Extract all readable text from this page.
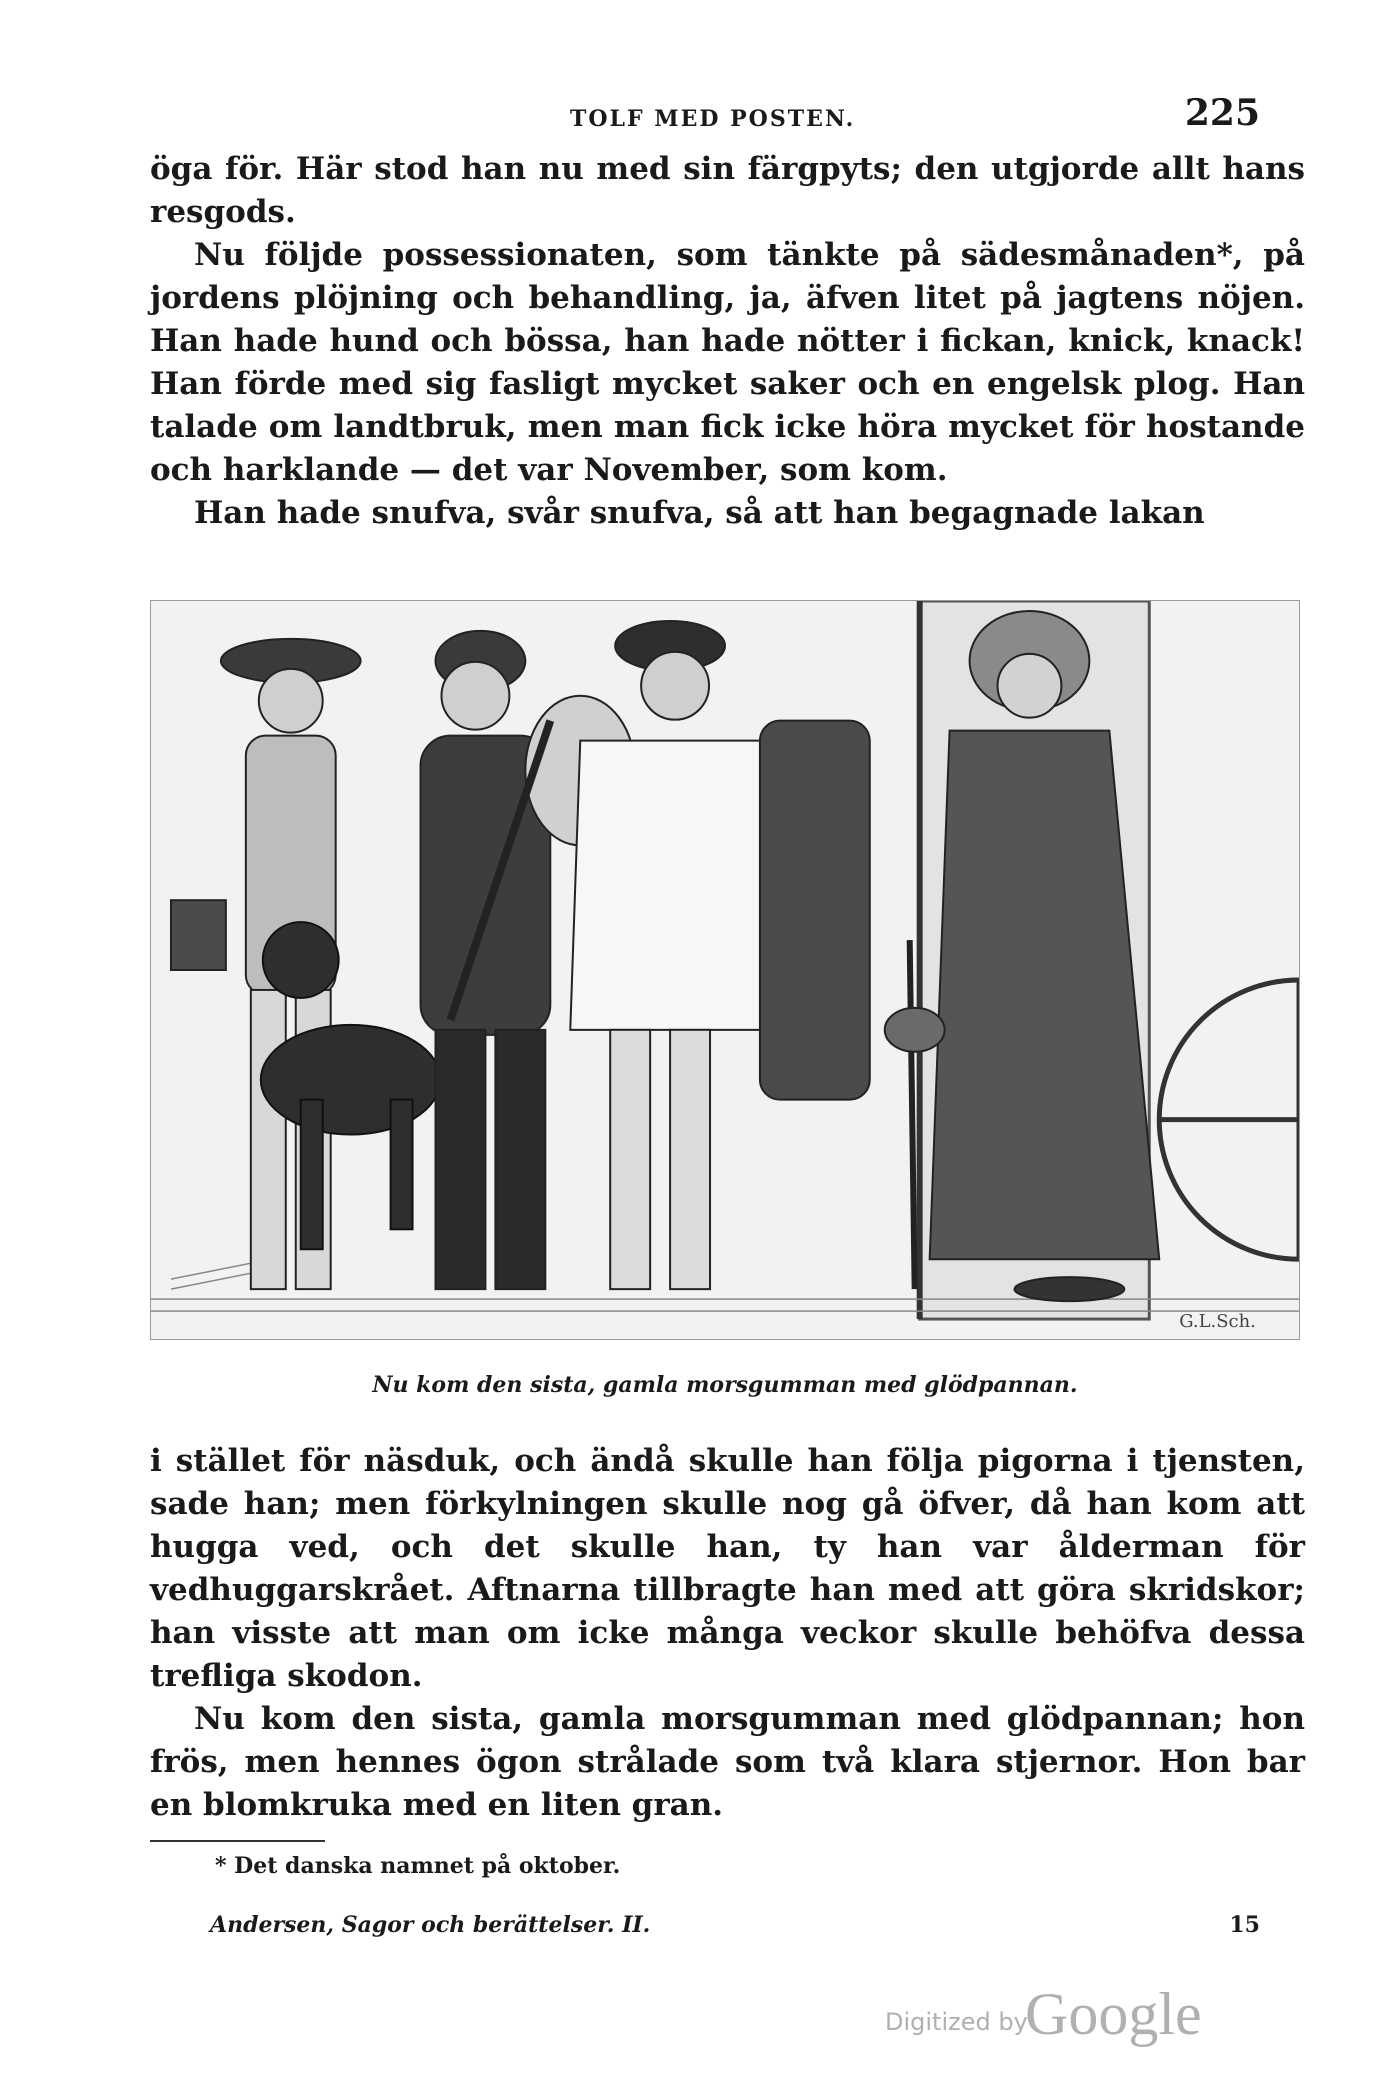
TOLF MED POSTEN.	225

öga för. Här stod han nu med sin färgpyts; den utgjorde allt hans resgods.

Nu följde possessionaten, som tänkte på sädesmånaden*, på jordens plöjning och behandling, ja, äfven litet på jagtens nöjen. Han hade hund och bössa, han hade nötter i fickan, knick, knack! Han förde med sig fasligt mycket saker och en engelsk plog. Han talade om landtbruk, men man fick icke höra mycket för hostande och harklande — det var November, som kom.

Han hade snufva, svår snufva, så att han begagnade lakan

G.L.Sch.
Nu kom den sista, gamla morsgumman med glödpannan.

i stället för näsduk, och ändå skulle han följa pigorna i tjensten, sade han; men förkylningen skulle nog gå öfver, då han kom att hugga ved, och det skulle han, ty han var ålderman för vedhuggarskrået. Aftnarna tillbragte han med att göra skridskor; han visste att man om icke många veckor skulle behöfva dessa trefliga skodon.

Nu kom den sista, gamla morsgumman med glödpannan; hon frös, men hennes ögon strålade som två klara stjernor. Hon bar en blomkruka med en liten gran.

* Det danska namnet på oktober.
Andersen, Sagor och berättelser. II.	15
Digitized by
Google
